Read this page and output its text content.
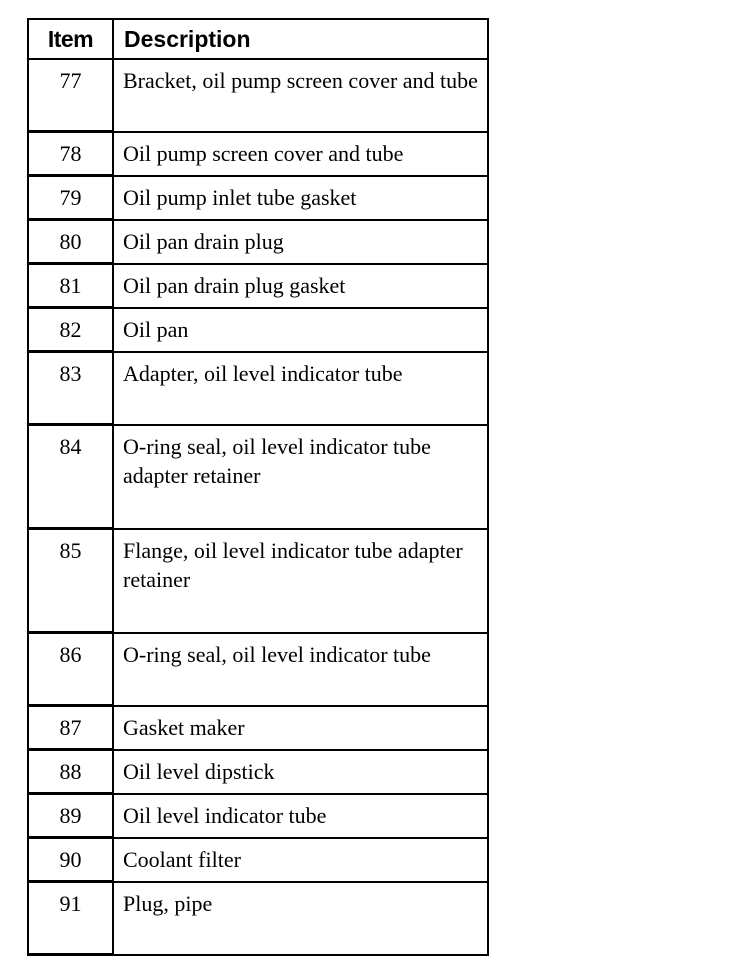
Item	Description
77	Bracket, oil pump screen cover and tube
78	Oil pump screen cover and tube
79	Oil pump inlet tube gasket
80	Oil pan drain plug
81	Oil pan drain plug gasket
82	Oil pan
83	Adapter, oil level indicator tube
84	O-ring seal, oil level indicator tube adapter retainer
85	Flange, oil level indicator tube adapter retainer
86	O-ring seal, oil level indicator tube
87	Gasket maker
88	Oil level dipstick
89	Oil level indicator tube
90	Coolant filter
91	Plug, pipe
